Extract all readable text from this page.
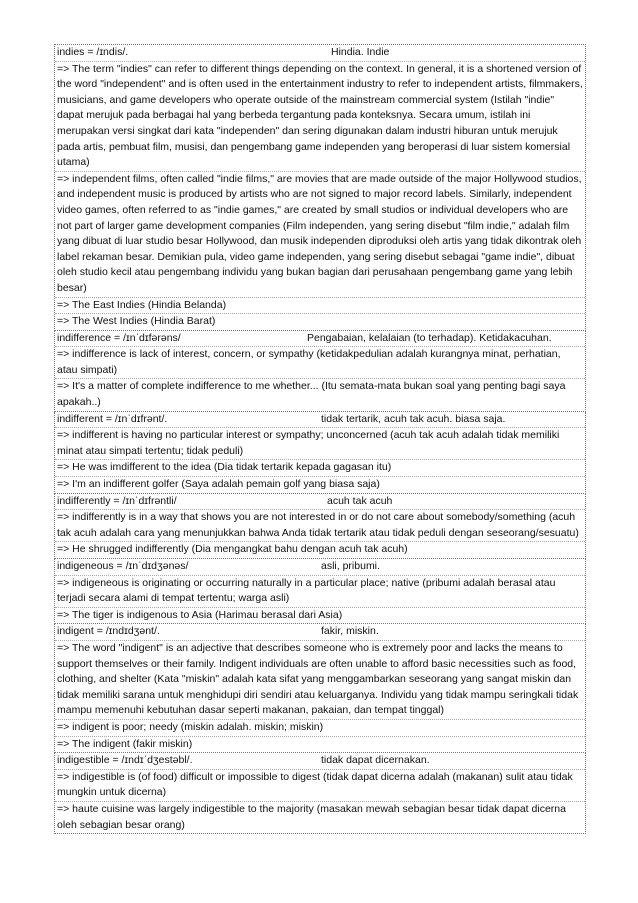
indies = /ɪndis/.	Hindia. Indie
=> The term "indies" can refer to different things depending on the context. In general, it is a shortened version of the word "independent" and is often used in the entertainment industry to refer to independent artists, filmmakers, musicians, and game developers who operate outside of the mainstream commercial system (Istilah "indie" dapat merujuk pada berbagai hal yang berbeda tergantung pada konteksnya. Secara umum, istilah ini merupakan versi singkat dari kata "independen" dan sering digunakan dalam industri hiburan untuk merujuk pada artis, pembuat film, musisi, dan pengembang game independen yang beroperasi di luar sistem komersial utama)
=> independent films, often called "indie films," are movies that are made outside of the major Hollywood studios, and independent music is produced by artists who are not signed to major record labels. Similarly, independent video games, often referred to as "indie games," are created by small studios or individual developers who are not part of larger game development companies (Film independen, yang sering disebut "film indie," adalah film yang dibuat di luar studio besar Hollywood, dan musik independen diproduksi oleh artis yang tidak dikontrak oleh label rekaman besar. Demikian pula, video game independen, yang sering disebut sebagai "game indie", dibuat oleh studio kecil atau pengembang individu yang bukan bagian dari perusahaan pengembang game yang lebih besar)
=> The East Indies (Hindia Belanda)
=> The West Indies (Hindia Barat)
indifference = /ɪnˈdɪfərəns/	Pengabaian, kelalaian (to terhadap). Ketidakacuhan.
=> indifference is lack of interest, concern, or sympathy (ketidakpedulian adalah kurangnya minat, perhatian, atau simpati)
=> It's a matter of complete indifference to me whether... (Itu semata-mata bukan soal yang penting bagi saya apakah..)
indifferent = /ɪnˈdɪfrənt/.	tidak tertarik, acuh tak acuh. biasa saja.
=> indifferent is having no particular interest or sympathy; unconcerned (acuh tak acuh adalah tidak memiliki minat atau simpati tertentu; tidak peduli)
=> He was imdifferent to the idea (Dia tidak tertarik kepada gagasan itu)
=> I'm an indifferent golfer (Saya adalah pemain golf yang biasa saja)
indifferently = /ɪnˈdɪfrəntli/	acuh tak acuh
=> indifferently is in a way that shows you are not interested in or do not care about somebody/something (acuh tak acuh adalah cara yang menunjukkan bahwa Anda tidak tertarik atau tidak peduli dengan seseorang/sesuatu)
=> He shrugged indifferently (Dia mengangkat bahu dengan acuh tak acuh)
indigeneous = /ɪnˈdɪdʒənəs/	asli, pribumi.
=> indigeneous is originating or occurring naturally in a particular place; native (pribumi adalah berasal atau terjadi secara alami di tempat tertentu; warga asli)
=> The tiger is indigenous to Asia (Harimau berasal dari Asia)
indigent = /ɪndɪdʒənt/.	fakir, miskin.
=> The word "indigent" is an adjective that describes someone who is extremely poor and lacks the means to support themselves or their family. Indigent individuals are often unable to afford basic necessities such as food, clothing, and shelter (Kata "miskin" adalah kata sifat yang menggambarkan seseorang yang sangat miskin dan tidak memiliki sarana untuk menghidupi diri sendiri atau keluarganya. Individu yang tidak mampu seringkali tidak mampu memenuhi kebutuhan dasar seperti makanan, pakaian, dan tempat tinggal)
=> indigent is poor; needy (miskin adalah. miskin; miskin)
=> The indigent (fakir miskin)
indigestible = /ɪndɪˈdʒestəbl/.	tidak dapat dicernakan.
=> indigestible is (of food) difficult or impossible to digest (tidak dapat dicerna adalah (makanan) sulit atau tidak mungkin untuk dicerna)
=> haute cuisine was largely indigestible to the majority (masakan mewah sebagian besar tidak dapat dicerna oleh sebagian besar orang)
